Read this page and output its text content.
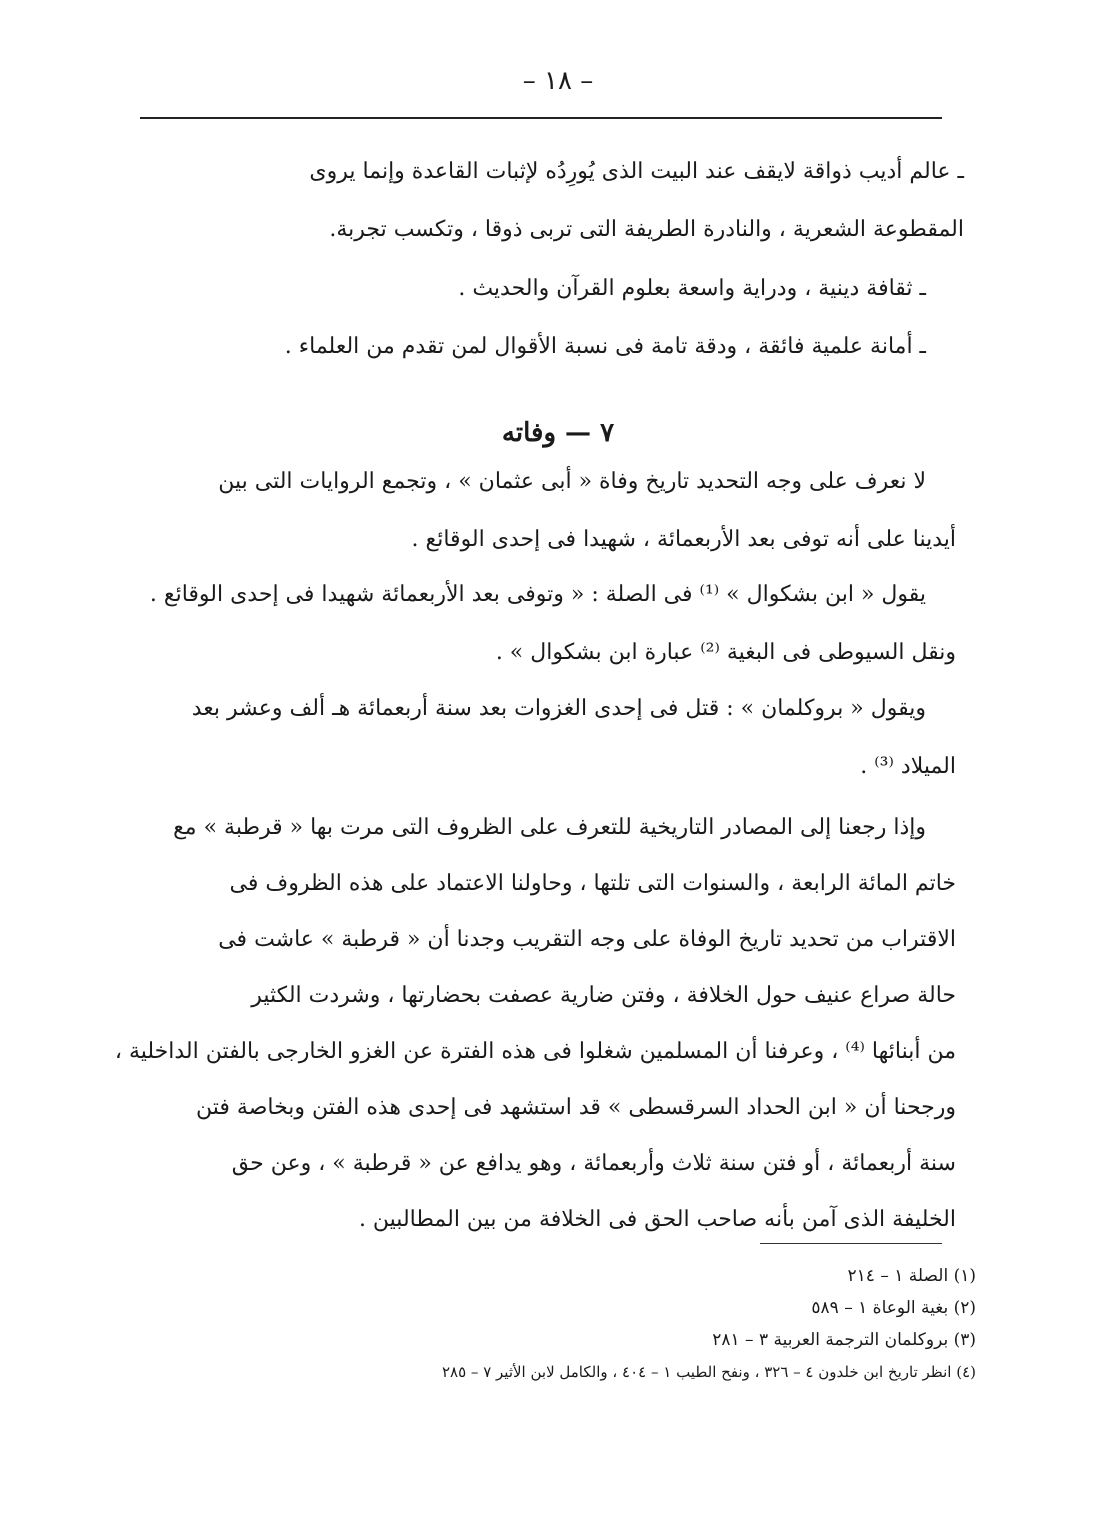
– ١٨ –
ـ عالم أديب ذواقة لايقف عند البيت الذى يُورِدُه لإثبات القاعدة وإنما يروى
المقطوعة الشعرية ، والنادرة الطريفة التى تربى ذوقا ، وتكسب تجربة.
ـ ثقافة دينية ، ودراية واسعة بعلوم القرآن والحديث .
ـ أمانة علمية فائقة ، ودقة تامة فى نسبة الأقوال لمن تقدم من العلماء .
٧ — وفاته
لا نعرف على وجه التحديد تاريخ وفاة « أبى عثمان » ، وتجمع الروايات التى بين
أيدينا على أنه توفى بعد الأربعمائة ، شهيدا فى إحدى الوقائع .
يقول « ابن بشكوال » ⁽¹⁾ فى الصلة : « وتوفى بعد الأربعمائة شهيدا فى إحدى الوقائع .
ونقل السيوطى فى البغية ⁽²⁾ عبارة ابن بشكوال » .
ويقول « بروكلمان » : قتل فى إحدى الغزوات بعد سنة أربعمائة هـ ألف وعشر بعد
الميلاد ⁽³⁾ .
وإذا رجعنا إلى المصادر التاريخية للتعرف على الظروف التى مرت بها « قرطبة » مع
خاتم المائة الرابعة ، والسنوات التى تلتها ، وحاولنا الاعتماد على هذه الظروف فى
الاقتراب من تحديد تاريخ الوفاة على وجه التقريب وجدنا أن « قرطبة » عاشت فى
حالة صراع عنيف حول الخلافة ، وفتن ضارية عصفت بحضارتها ، وشردت الكثير
من أبنائها ⁽⁴⁾ ، وعرفنا أن المسلمين شغلوا فى هذه الفترة عن الغزو الخارجى بالفتن الداخلية ،
ورجحنا أن « ابن الحداد السرقسطى » قد استشهد فى إحدى هذه الفتن وبخاصة فتن
سنة أربعمائة ، أو فتن سنة ثلاث وأربعمائة ، وهو يدافع عن « قرطبة » ، وعن حق
الخليفة الذى آمن بأنه صاحب الحق فى الخلافة من بين المطالبين .
(١) الصلة ١ – ٢١٤
(٢) بغية الوعاة ١ – ٥٨٩
(٣) بروكلمان الترجمة العربية ٣ – ٢٨١
(٤) انظر تاريخ ابن خلدون ٤ – ٣٢٦ ، ونفح الطيب ١ – ٤٠٤ ، والكامل لابن الأثير ٧ – ٢٨٥
